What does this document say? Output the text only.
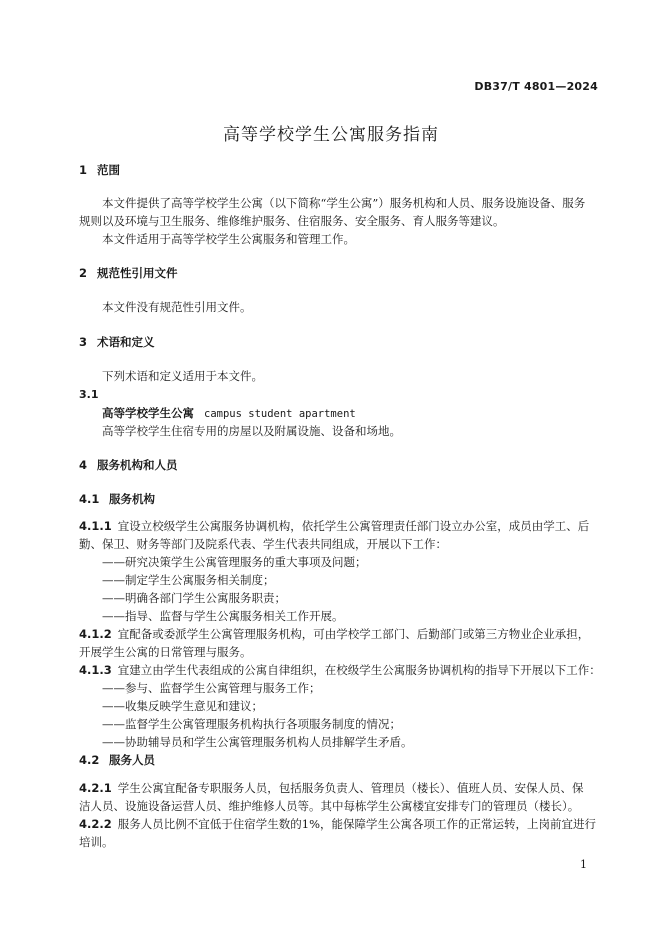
DB37/T 4801—2024
高等学校学生公寓服务指南
1 范围
本文件提供了高等学校学生公寓（以下简称“学生公寓”）服务机构和人员、服务设施设备、服务
规则以及环境与卫生服务、维修维护服务、住宿服务、安全服务、育人服务等建议。
本文件适用于高等学校学生公寓服务和管理工作。
2 规范性引用文件
本文件没有规范性引用文件。
3 术语和定义
下列术语和定义适用于本文件。
3.1
高等学校学生公寓 campus student apartment
高等学校学生住宿专用的房屋以及附属设施、设备和场地。
4 服务机构和人员
4.1 服务机构
4.1.1 宜设立校级学生公寓服务协调机构，依托学生公寓管理责任部门设立办公室，成员由学工、后
勤、保卫、财务等部门及院系代表、学生代表共同组成，开展以下工作：
——研究决策学生公寓管理服务的重大事项及问题；
——制定学生公寓服务相关制度；
——明确各部门学生公寓服务职责；
——指导、监督与学生公寓服务相关工作开展。
4.1.2 宜配备或委派学生公寓管理服务机构，可由学校学工部门、后勤部门或第三方物业企业承担，
开展学生公寓的日常管理与服务。
4.1.3 宜建立由学生代表组成的公寓自律组织，在校级学生公寓服务协调机构的指导下开展以下工作：
——参与、监督学生公寓管理与服务工作；
——收集反映学生意见和建议；
——监督学生公寓管理服务机构执行各项服务制度的情况；
——协助辅导员和学生公寓管理服务机构人员排解学生矛盾。
4.2 服务人员
4.2.1 学生公寓宜配备专职服务人员，包括服务负责人、管理员（楼长）、值班人员、安保人员、保
洁人员、设施设备运营人员、维护维修人员等。其中每栋学生公寓楼宜安排专门的管理员（楼长）。
4.2.2 服务人员比例不宜低于住宿学生数的1%，能保障学生公寓各项工作的正常运转，上岗前宜进行
培训。
1
